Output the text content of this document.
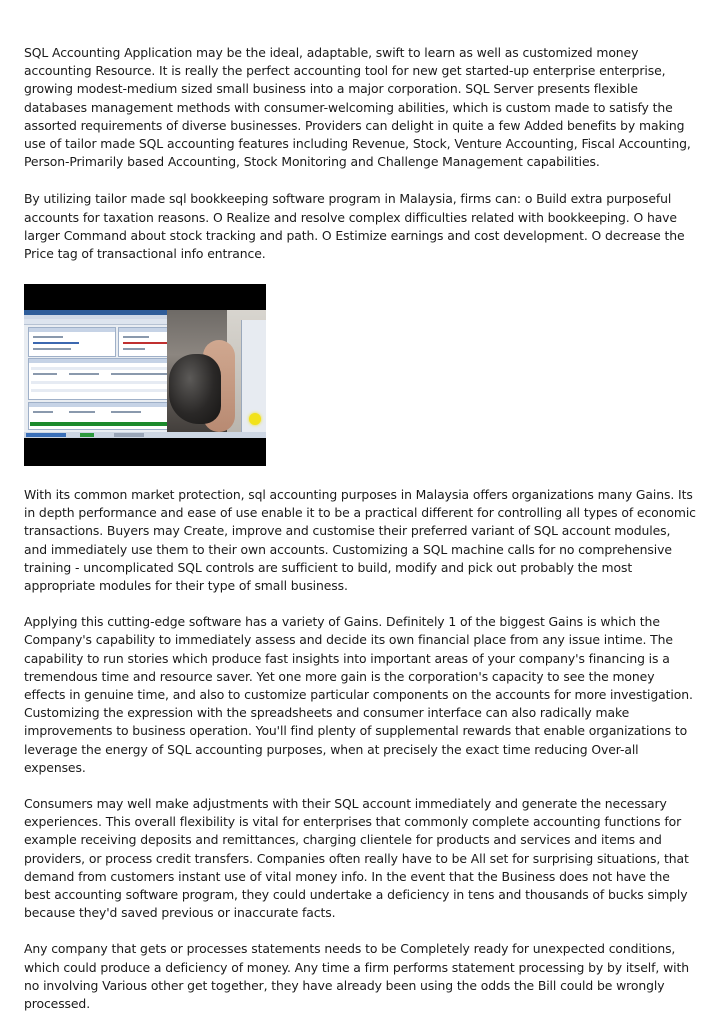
SQL Accounting Application may be the ideal, adaptable, swift to learn as well as customized money accounting Resource. It is really the perfect accounting tool for new get started-up enterprise enterprise, growing modest-medium sized small business into a major corporation. SQL Server presents flexible databases management methods with consumer-welcoming abilities, which is custom made to satisfy the assorted requirements of diverse businesses. Providers can delight in quite a few Added benefits by making use of tailor made SQL accounting features including Revenue, Stock, Venture Accounting, Fiscal Accounting, Person-Primarily based Accounting, Stock Monitoring and Challenge Management capabilities.

By utilizing tailor made sql bookkeeping software program in Malaysia, firms can: o Build extra purposeful accounts for taxation reasons. O Realize and resolve complex difficulties related with bookkeeping. O have larger Command about stock tracking and path. O Estimize earnings and cost development. O decrease the Price tag of transactional info entrance.

With its common market protection, sql accounting purposes in Malaysia offers organizations many Gains. Its in depth performance and ease of use enable it to be a practical different for controlling all types of economic transactions. Buyers may Create, improve and customise their preferred variant of SQL account modules, and immediately use them to their own accounts. Customizing a SQL machine calls for no comprehensive training - uncomplicated SQL controls are sufficient to build, modify and pick out probably the most appropriate modules for their type of small business.

Applying this cutting-edge software has a variety of Gains. Definitely 1 of the biggest Gains is which the Company's capability to immediately assess and decide its own financial place from any issue intime. The capability to run stories which produce fast insights into important areas of your company's financing is a tremendous time and resource saver. Yet one more gain is the corporation's capacity to see the money effects in genuine time, and also to customize particular components on the accounts for more investigation. Customizing the expression with the spreadsheets and consumer interface can also radically make improvements to business operation. You'll find plenty of supplemental rewards that enable organizations to leverage the energy of SQL accounting purposes, when at precisely the exact time reducing Over-all expenses.

Consumers may well make adjustments with their SQL account immediately and generate the necessary experiences. This overall flexibility is vital for enterprises that commonly complete accounting functions for example receiving deposits and remittances, charging clientele for products and services and items and providers, or process credit transfers. Companies often really have to be All set for surprising situations, that demand from customers instant use of vital money info. In the event that the Business does not have the best accounting software program, they could undertake a deficiency in tens and thousands of bucks simply because they'd saved previous or inaccurate facts.

Any company that gets or processes statements needs to be Completely ready for unexpected conditions, which could produce a deficiency of money. Any time a firm performs statement processing by by itself, with no involving Various other get together, they have already been using the odds the Bill could be wrongly processed.
